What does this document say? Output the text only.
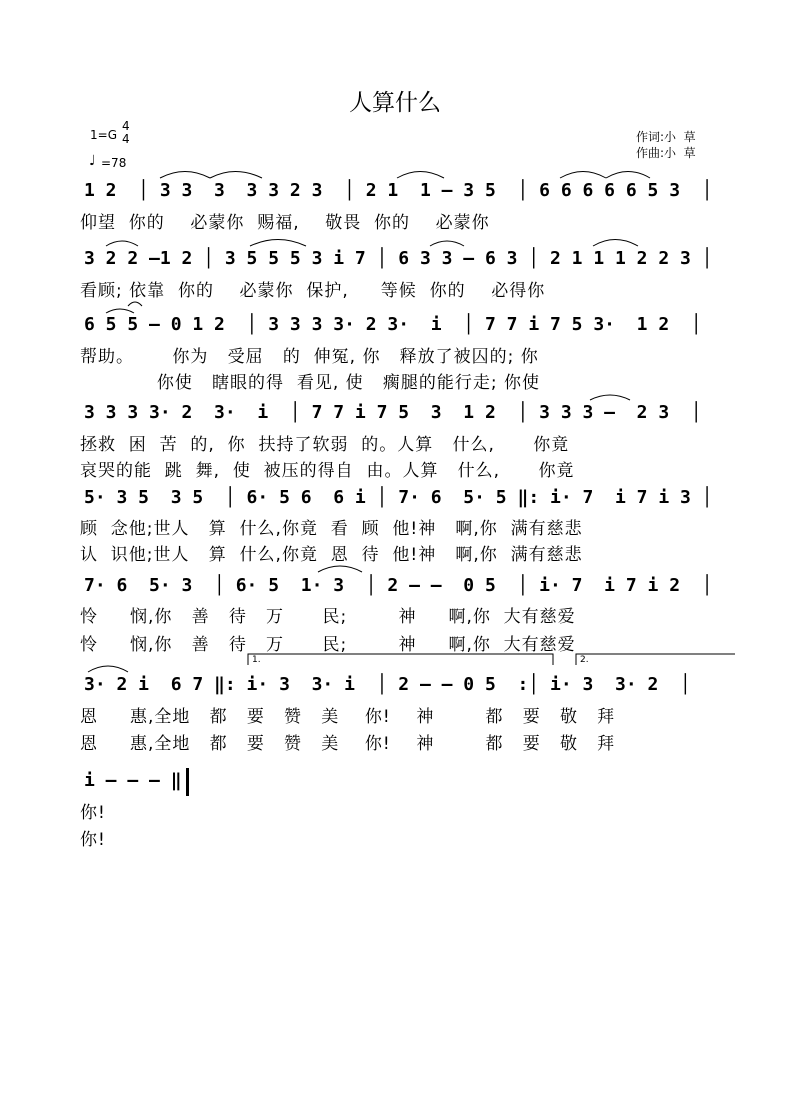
人算什么
1=G
4
4
♩ =78
作词:小  草
作曲:小  草
1 2  │ 3 3  3  3 3 2 3  │ 2 1  1 – 3 5  │ 6 6 6 6 6 5 3  │
仰望  你的    必蒙你  赐福,    敬畏  你的    必蒙你
3 2 2 –1 2 │ 3 5 5 5 3 i 7 │ 6 3 3 – 6 3 │ 2 1 1 1 2 2 3 │
看顾; 依靠  你的    必蒙你  保护,     等候  你的    必得你
6 5 5 – 0 1 2  │ 3 3 3 3· 2 3·  i  │ 7 7 i 7 5 3·  1 2  │
帮助。      你为   受屈   的  伸冤, 你   释放了被囚的; 你
你使   瞎眼的得  看见, 使   瘸腿的能行走; 你使
3 3 3 3· 2  3·  i  │ 7 7 i 7 5  3  1 2  │ 3 3 3 –  2 3  │
拯救  困  苦  的,  你  扶持了软弱  的。人算   什么,      你竟
哀哭的能  跳  舞,  使  被压的得自  由。人算   什么,      你竟
5· 3 5  3 5  │ 6· 5 6  6 i │ 7· 6  5· 5 ‖: i· 7  i 7 i 3 │
顾  念他;世人   算  什么,你竟  看  顾  他!神   啊,你  满有慈悲
认  识他;世人   算  什么,你竟  恩  待  他!神   啊,你  满有慈悲
7· 6  5· 3  │ 6· 5  1· 3  │ 2 – –  0 5  │ i· 7  i 7 i 2  │
怜     悯,你   善   待   万      民;        神     啊,你  大有慈爱
怜     悯,你   善   待   万      民;        神     啊,你  大有慈爱
1.	2.
3· 2 i  6 7 ‖: i· 3  3· i  │ 2 – – 0 5  :│ i· 3  3· 2  │
恩     惠,全地   都   要   赞   美    你!    神        都   要   敬   拜
恩     惠,全地   都   要   赞   美    你!    神        都   要   敬   拜
i – – – ‖
你!
你!
